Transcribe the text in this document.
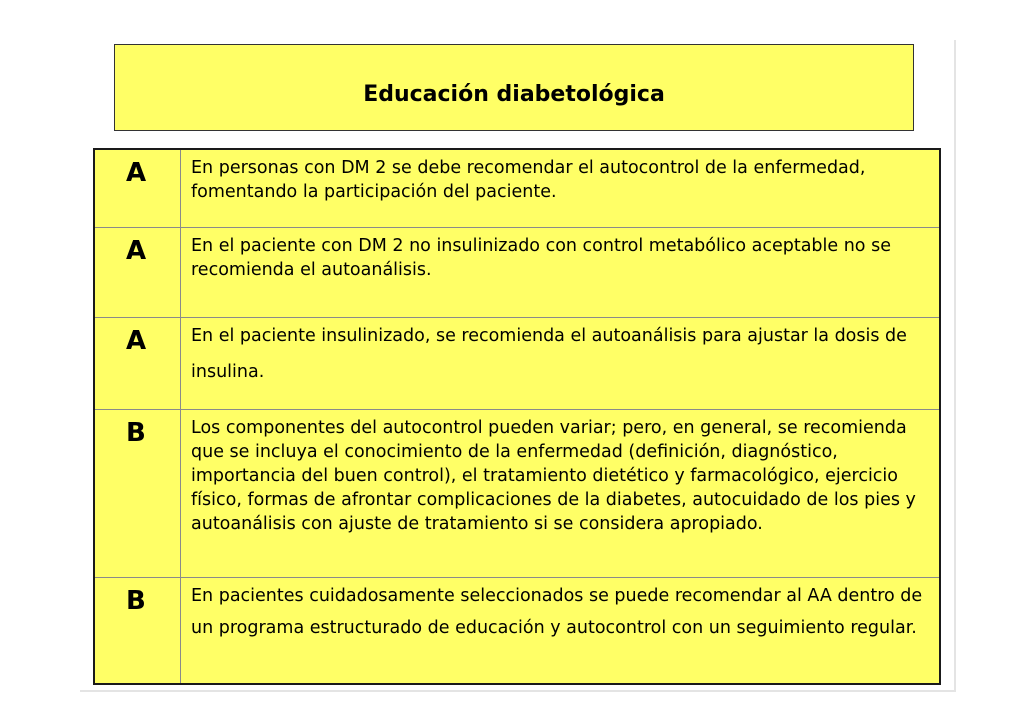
Educación diabetológica
A	En personas con DM 2 se debe recomendar el autocontrol de la enfermedad, fomentando la participación del paciente.

A	En el paciente con DM 2 no insulinizado con control metabólico aceptable no se recomienda el autoanálisis.

A	En el paciente insulinizado, se recomienda el autoanálisis para ajustar la dosis de insulina.

B	Los componentes del autocontrol pueden variar; pero, en general, se recomienda que se incluya el conocimiento de la enfermedad (definición, diagnóstico, importancia del buen control), el tratamiento dietético y farmacológico, ejercicio físico, formas de afrontar complicaciones de la diabetes, autocuidado de los pies y autoanálisis con ajuste de tratamiento si se considera apropiado.

B	En pacientes cuidadosamente seleccionados se puede recomendar al AA dentro de un programa estructurado de educación y autocontrol con un seguimiento regular.
